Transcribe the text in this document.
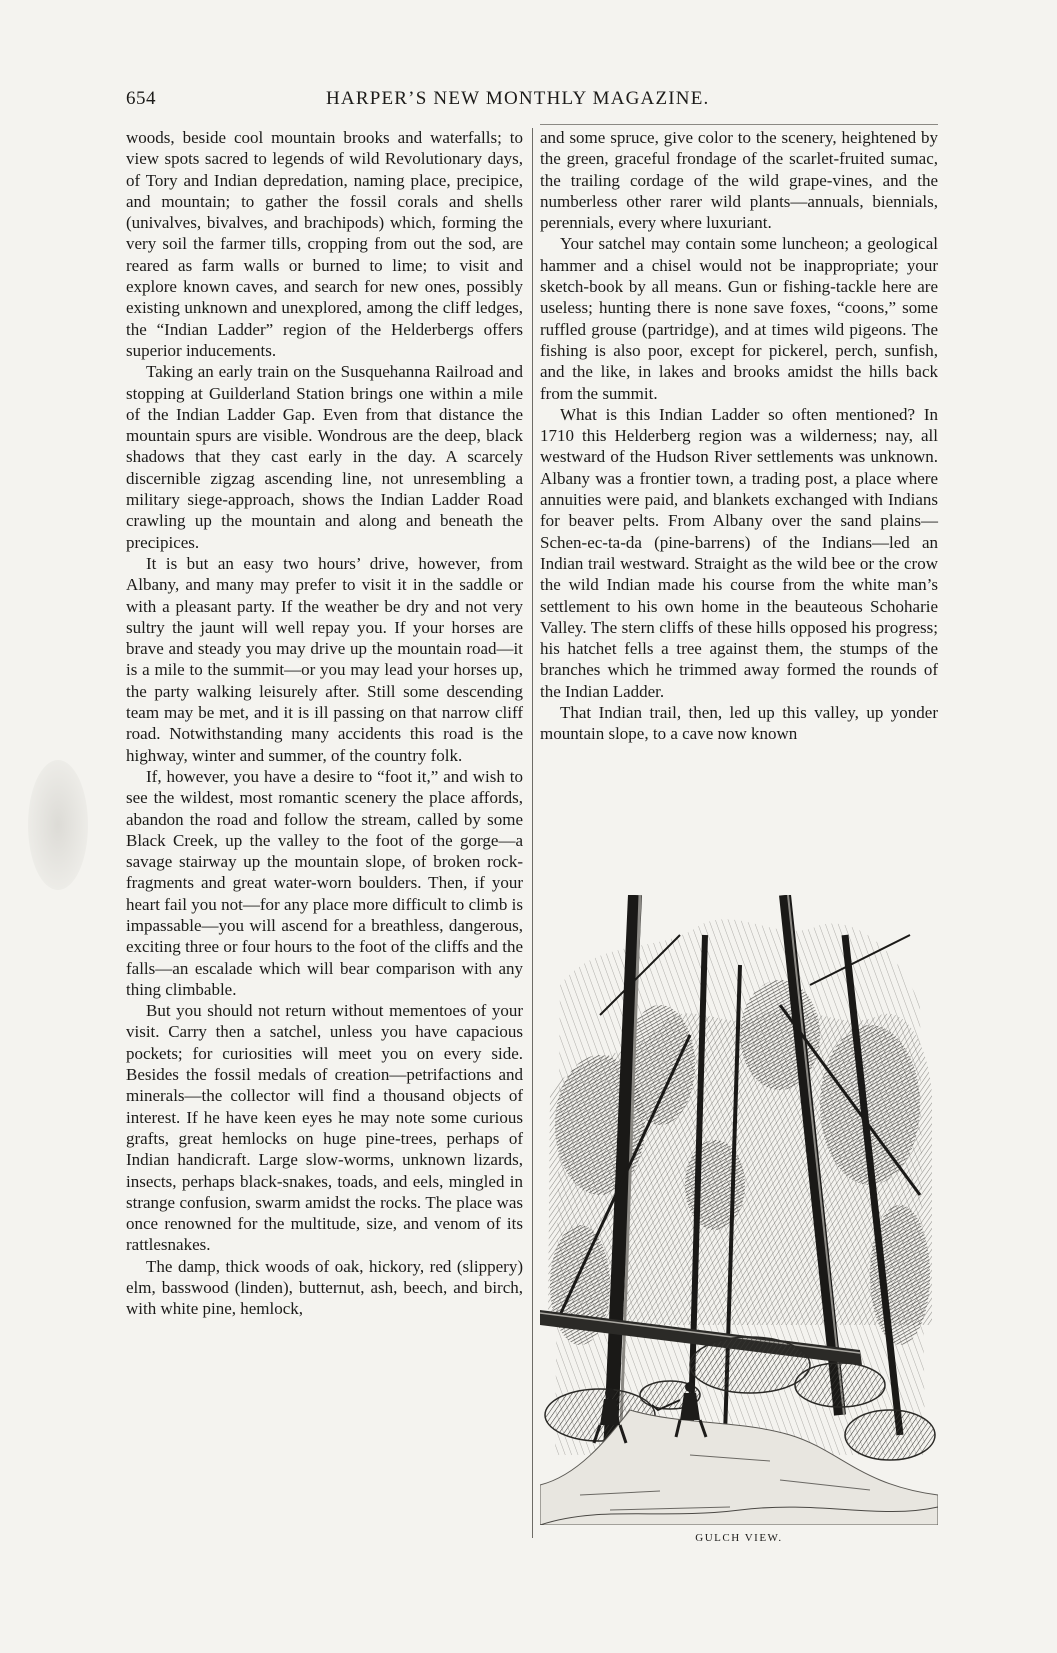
654	HARPER’S NEW MONTHLY MAGAZINE.

woods, beside cool mountain brooks and waterfalls; to view spots sacred to legends of wild Revolutionary days, of Tory and Indian depredation, naming place, precipice, and mountain; to gather the fossil corals and shells (univalves, bivalves, and brachipods) which, forming the very soil the farmer tills, cropping from out the sod, are reared as farm walls or burned to lime; to visit and explore known caves, and search for new ones, possibly existing unknown and unexplored, among the cliff ledges, the “Indian Ladder” region of the Helderbergs offers superior inducements.

Taking an early train on the Susquehanna Railroad and stopping at Guilderland Station brings one within a mile of the Indian Ladder Gap. Even from that distance the mountain spurs are visible. Wondrous are the deep, black shadows that they cast early in the day. A scarcely discernible zigzag ascending line, not unresembling a military siege-approach, shows the Indian Ladder Road crawling up the mountain and along and beneath the precipices.

It is but an easy two hours’ drive, however, from Albany, and many may prefer to visit it in the saddle or with a pleasant party. If the weather be dry and not very sultry the jaunt will well repay you. If your horses are brave and steady you may drive up the mountain road—it is a mile to the summit—or you may lead your horses up, the party walking leisurely after. Still some descending team may be met, and it is ill passing on that narrow cliff road. Notwithstanding many accidents this road is the highway, winter and summer, of the country folk.

If, however, you have a desire to “foot it,” and wish to see the wildest, most romantic scenery the place affords, abandon the road and follow the stream, called by some Black Creek, up the valley to the foot of the gorge—a savage stairway up the mountain slope, of broken rock-fragments and great water-worn boulders. Then, if your heart fail you not—for any place more difficult to climb is impassable—you will ascend for a breathless, dangerous, exciting three or four hours to the foot of the cliffs and the falls—an escalade which will bear comparison with any thing climbable.

But you should not return without mementoes of your visit. Carry then a satchel, unless you have capacious pockets; for curiosities will meet you on every side. Besides the fossil medals of creation—petrifactions and minerals—the collector will find a thousand objects of interest. If he have keen eyes he may note some curious grafts, great hemlocks on huge pine-trees, perhaps of Indian handicraft. Large slow-worms, unknown lizards, insects, perhaps black-snakes, toads, and eels, mingled in strange confusion, swarm amidst the rocks. The place was once renowned for the multitude, size, and venom of its rattlesnakes.

The damp, thick woods of oak, hickory, red (slippery) elm, basswood (linden), butternut, ash, beech, and birch, with white pine, hemlock,

and some spruce, give color to the scenery, heightened by the green, graceful frondage of the scarlet-fruited sumac, the trailing cordage of the wild grape-vines, and the numberless other rarer wild plants—annuals, biennials, perennials, every where luxuriant.

Your satchel may contain some luncheon; a geological hammer and a chisel would not be inappropriate; your sketch-book by all means. Gun or fishing-tackle here are useless; hunting there is none save foxes, “coons,” some ruffled grouse (partridge), and at times wild pigeons. The fishing is also poor, except for pickerel, perch, sunfish, and the like, in lakes and brooks amidst the hills back from the summit.

What is this Indian Ladder so often mentioned? In 1710 this Helderberg region was a wilderness; nay, all westward of the Hudson River settlements was unknown. Albany was a frontier town, a trading post, a place where annuities were paid, and blankets exchanged with Indians for beaver pelts. From Albany over the sand plains—Schen-ec-ta-da (pine-barrens) of the Indians—led an Indian trail westward. Straight as the wild bee or the crow the wild Indian made his course from the white man’s settlement to his own home in the beauteous Schoharie Valley. The stern cliffs of these hills opposed his progress; his hatchet fells a tree against them, the stumps of the branches which he trimmed away formed the rounds of the Indian Ladder.

That Indian trail, then, led up this valley, up yonder mountain slope, to a cave now known

GULCH VIEW.
